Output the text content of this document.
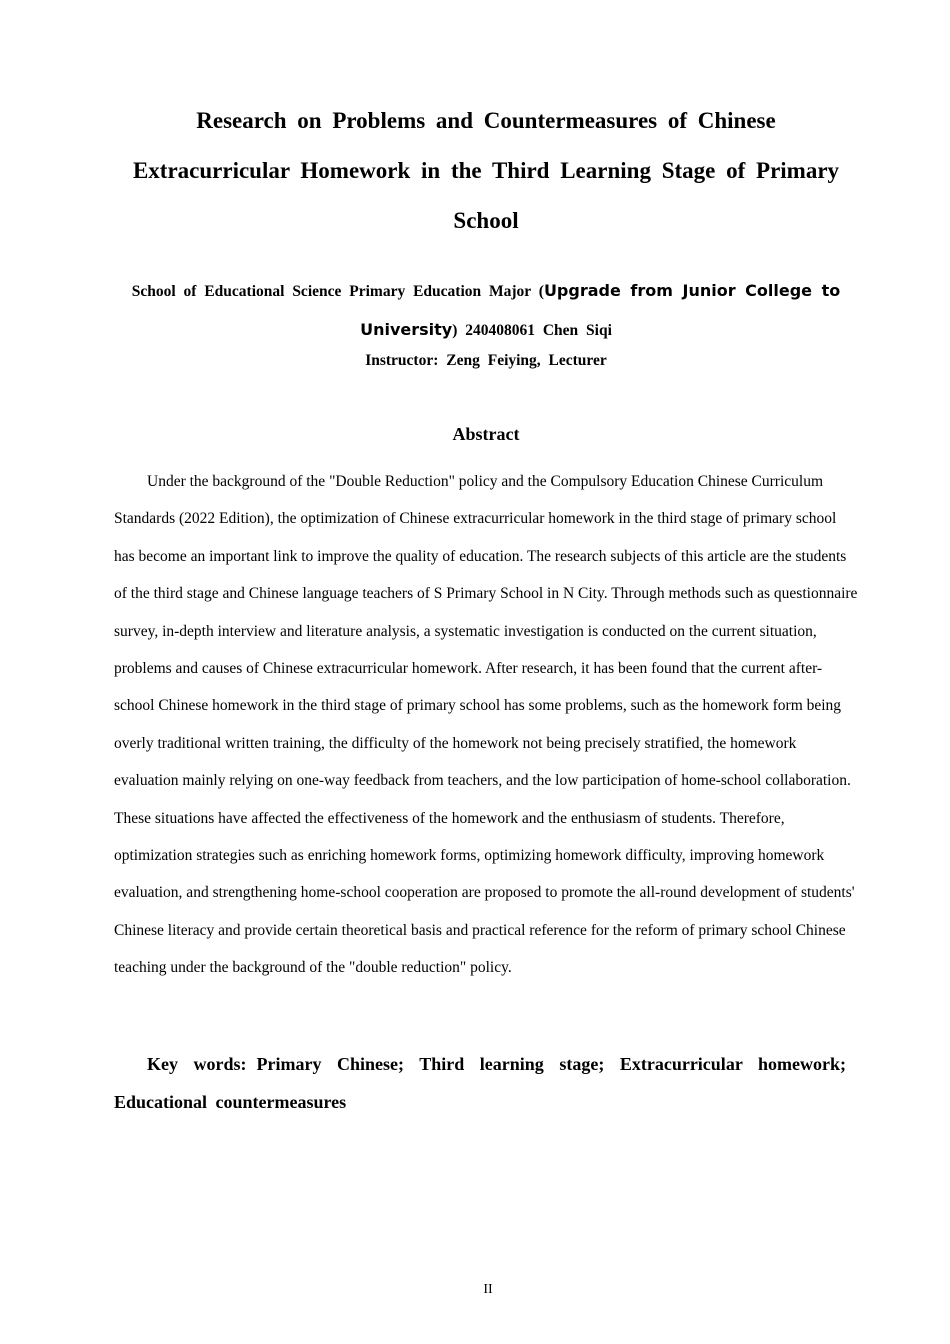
Research on Problems and Countermeasures of Chinese Extracurricular Homework in the Third Learning Stage of Primary School
School of Educational Science Primary Education Major (Upgrade from Junior College to University) 240408061 Chen Siqi
Instructor: Zeng Feiying, Lecturer
Abstract

Under the background of the "Double Reduction" policy and the Compulsory Education Chinese Curriculum Standards (2022 Edition), the optimization of Chinese extracurricular homework in the third stage of primary school has become an important link to improve the quality of education. The research subjects of this article are the students of the third stage and Chinese language teachers of S Primary School in N City. Through methods such as questionnaire survey, in-depth interview and literature analysis, a systematic investigation is conducted on the current situation, problems and causes of Chinese extracurricular homework. After research, it has been found that the current after-school Chinese homework in the third stage of primary school has some problems, such as the homework form being overly traditional written training, the difficulty of the homework not being precisely stratified, the homework evaluation mainly relying on one-way feedback from teachers, and the low participation of home-school collaboration. These situations have affected the effectiveness of the homework and the enthusiasm of students. Therefore, optimization strategies such as enriching homework forms, optimizing homework difficulty, improving homework evaluation, and strengthening home-school cooperation are proposed to promote the all-round development of students' Chinese literacy and provide certain theoretical basis and practical reference for the reform of primary school Chinese teaching under the background of the "double reduction" policy.

Key words: Primary Chinese; Third learning stage; Extracurricular homework; Educational countermeasures

II
